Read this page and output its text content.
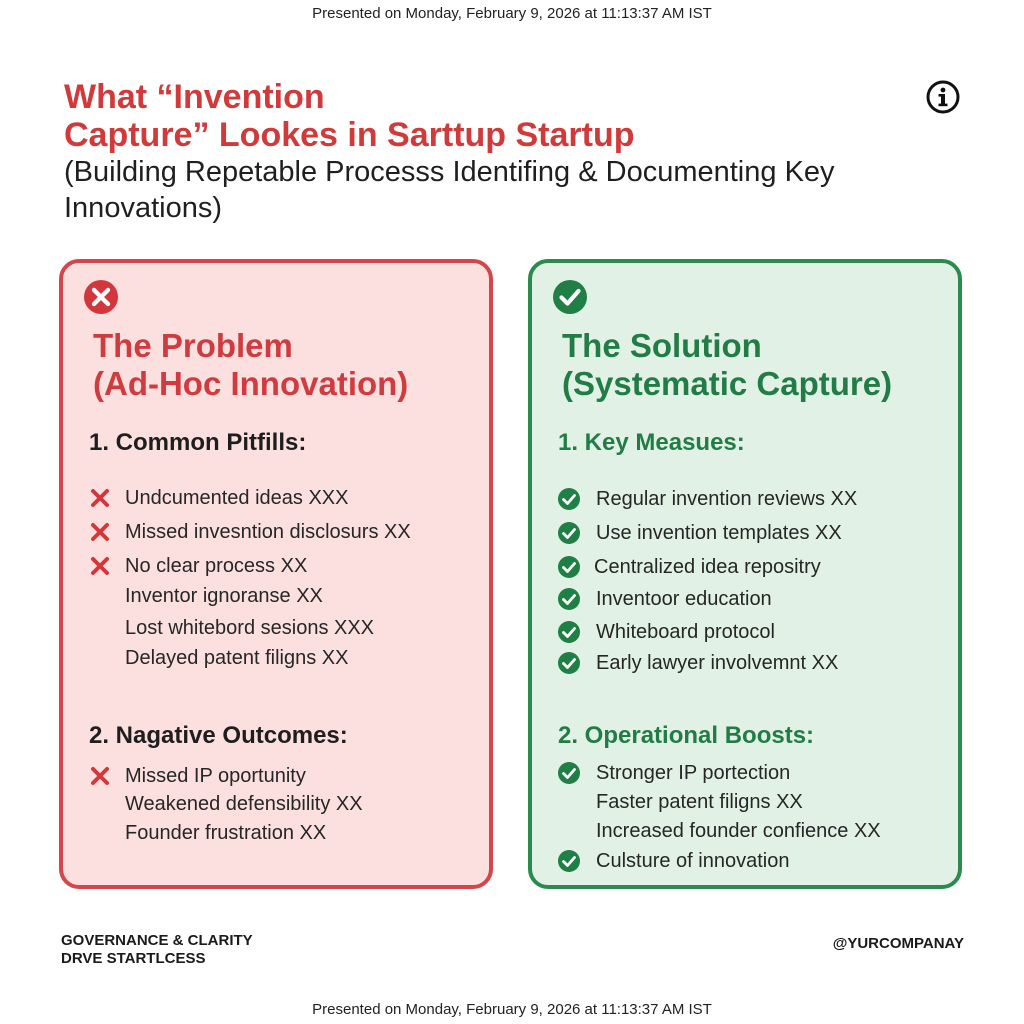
Presented on Monday, February 9, 2026 at 11:13:37 AM IST
What “Invention
Capture” Lookes in Sarttup Startup
(Building Repetable Processs Identifing & Documenting Key
Innovations)
The Problem
(Ad-Hoc Innovation)
1. Common Pitfills:
Undcumented ideas XXX
Missed invesntion disclosurs XX
No clear process XX
Inventor ignoranse XX
Lost whitebord sesions XXX
Delayed patent filigns XX
2. Nagative Outcomes:
Missed IP oportunity
Weakened defensibility XX
Founder frustration XX
The Solution
(Systematic Capture)
1. Key Measues:
Regular invention reviews XX
Use invention templates XX
Centralized idea repositry
Inventoor education
Whiteboard protocol
Early lawyer involvemnt XX
2. Operational Boosts:
Stronger IP portection
Faster patent filigns XX
Increased founder confience XX
Culsture of innovation
GOVERNANCE & CLARITY
DRVE STARTLCESS
@YURCOMPANAY
Presented on Monday, February 9, 2026 at 11:13:37 AM IST
